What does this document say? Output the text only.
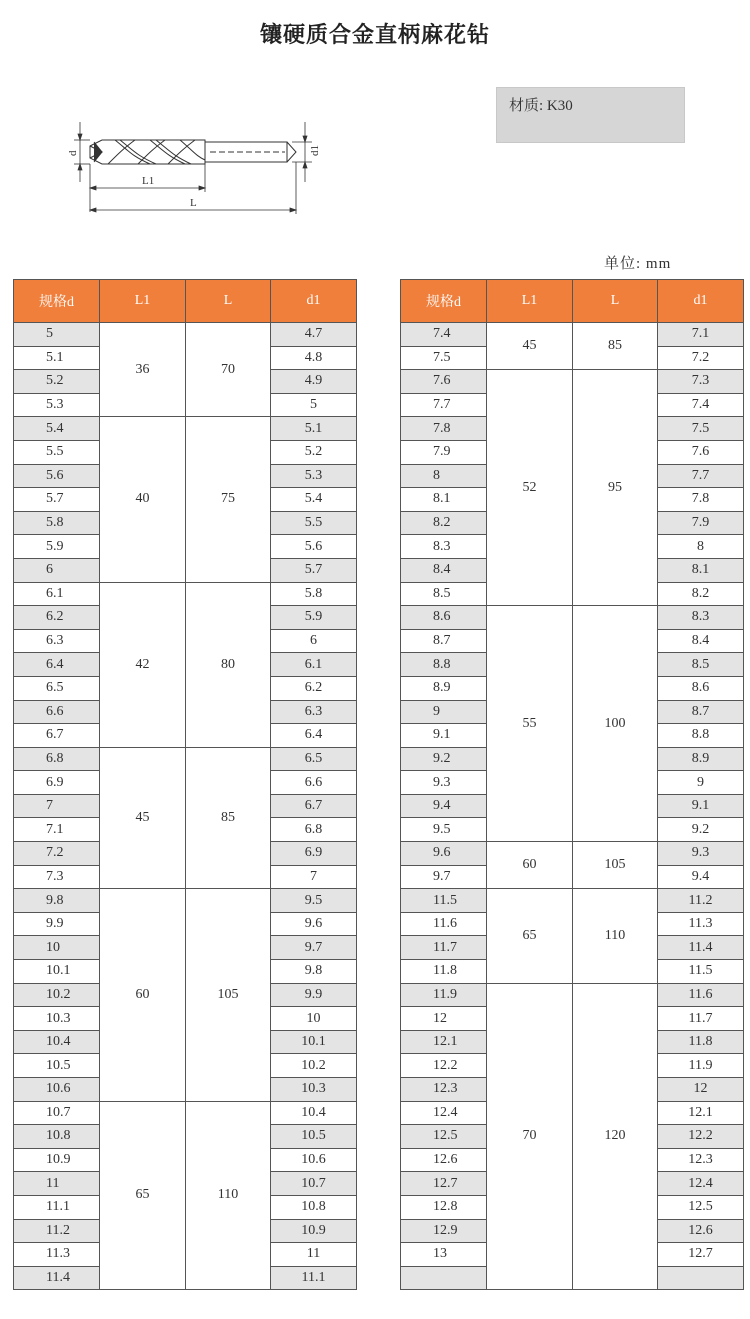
镶硬质合金直柄麻花钻
材质: K30
d	d1
L1
L
单位: mm
规格d	L1	L	d1
5	36	70	4.7
5.1			4.8
5.2			4.9
5.3			5
5.4	40	75	5.1
5.5			5.2
5.6			5.3
5.7			5.4
5.8			5.5
5.9			5.6
6			5.7
6.1	42	80	5.8
6.2			5.9
6.3			6
6.4			6.1
6.5			6.2
6.6			6.3
6.7			6.4
6.8	45	85	6.5
6.9			6.6
7			6.7
7.1			6.8
7.2			6.9
7.3			7
9.8	60	105	9.5
9.9			9.6
10			9.7
10.1			9.8
10.2			9.9
10.3			10
10.4			10.1
10.5			10.2
10.6			10.3
10.7	65	110	10.4
10.8			10.5
10.9			10.6
11			10.7
11.1			10.8
11.2			10.9
11.3			11
11.4			11.1
规格d	L1	L	d1
7.4	45	85	7.1
7.5			7.2
7.6	52	95	7.3
7.7			7.4
7.8			7.5
7.9			7.6
8			7.7
8.1			7.8
8.2			7.9
8.3			8
8.4			8.1
8.5			8.2
8.6	55	100	8.3
8.7			8.4
8.8			8.5
8.9			8.6
9			8.7
9.1			8.8
9.2			8.9
9.3			9
9.4			9.1
9.5			9.2
9.6	60	105	9.3
9.7			9.4
11.5	65	110	11.2
11.6			11.3
11.7			11.4
11.8			11.5
11.9	70	120	11.6
12			11.7
12.1			11.8
12.2			11.9
12.3			12
12.4			12.1
12.5			12.2
12.6			12.3
12.7			12.4
12.8			12.5
12.9			12.6
13			12.7
